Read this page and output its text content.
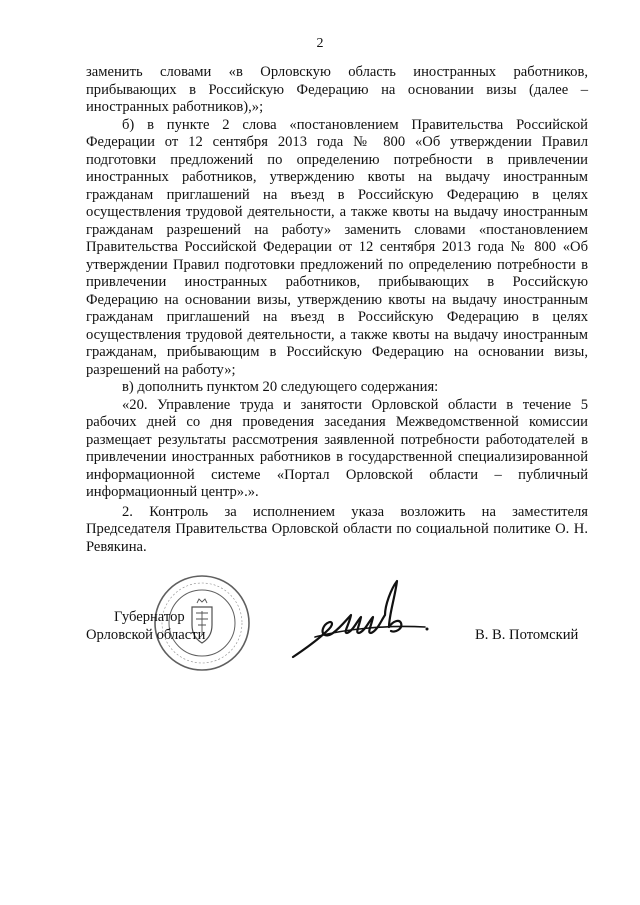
2

заменить словами «в Орловскую область иностранных работников, прибывающих в Российскую Федерацию на основании визы (далее – иностранных работников),»;

б) в пункте 2 слова «постановлением Правительства Российской Федерации от 12 сентября 2013 года № 800 «Об утверждении Правил подготовки предложений по определению потребности в привлечении иностранных работников, утверждению квоты на выдачу иностранным гражданам приглашений на въезд в Российскую Федерацию в целях осуществления трудовой деятельности, а также квоты на выдачу иностранным гражданам разрешений на работу» заменить словами «постановлением Правительства Российской Федерации от 12 сентября 2013 года № 800 «Об утверждении Правил подготовки предложений по определению потребности в привлечении иностранных работников, прибывающих в Российскую Федерацию на основании визы, утверждению квоты на выдачу иностранным гражданам приглашений на въезд в Российскую Федерацию в целях осуществления трудовой деятельности, а также квоты на выдачу иностранным гражданам, прибывающим в Российскую Федерацию на основании визы, разрешений на работу»;

в) дополнить пунктом 20 следующего содержания:

«20. Управление труда и занятости Орловской области в течение 5 рабочих дней со дня проведения заседания Межведомственной комиссии размещает результаты рассмотрения заявленной потребности работодателей в привлечении иностранных работников в государственной специализированной информационной системе «Портал Орловской области – публичный информационный центр».».

2. Контроль за исполнением указа возложить на заместителя Председателя Правительства Орловской области по социальной политике О. Н. Ревякина.

Губернатор
Орловской области	В. В. Потомский
